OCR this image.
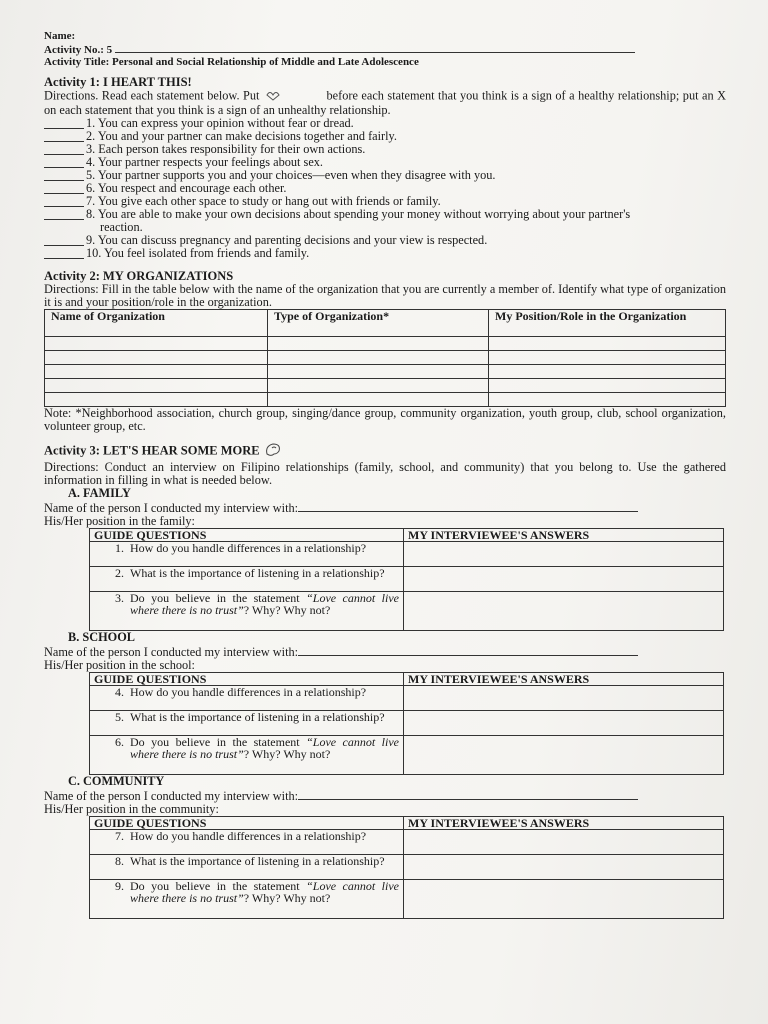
Name:
Activity No.: 5
Activity Title: Personal and Social Relationship of Middle and Late Adolescence
Activity 1: I HEART THIS!
Directions. Read each statement below. Put	before each statement that you think is a sign of a healthy relationship; put an X on each statement that you think is a sign of an unhealthy relationship.
1. You can express your opinion without fear or dread.
2. You and your partner can make decisions together and fairly.
3. Each person takes responsibility for their own actions.
4. Your partner respects your feelings about sex.
5. Your partner supports you and your choices—even when they disagree with you.
6. You respect and encourage each other.
7. You give each other space to study or hang out with friends or family.
8. You are able to make your own decisions about spending your money without worrying about your partner's
reaction.
9. You can discuss pregnancy and parenting decisions and your view is respected.
10. You feel isolated from friends and family.
Activity 2: MY ORGANIZATIONS
Directions: Fill in the table below with the name of the organization that you are currently a member of. Identify what type of organization it is and your position/role in the organization.
Name of Organization	Type of Organization*	My Position/Role in the Organization

Note: *Neighborhood association, church group, singing/dance group, community organization, youth group, club, school organization, volunteer group, etc.
Activity 3: LET'S HEAR SOME MORE
Directions: Conduct an interview on Filipino relationships (family, school, and community) that you belong to. Use the gathered information in filling in what is needed below.
A. FAMILY
Name of the person I conducted my interview with:
His/Her position in the family:
GUIDE QUESTIONS	MY INTERVIEWEE'S ANSWERS

1. How do you handle differences in a relationship?	

2. What is the importance of listening in a relationship?	

3. Do you believe in the statement “Love cannot live where there is no trust”? Why? Why not?	

B. SCHOOL
Name of the person I conducted my interview with:
His/Her position in the school:
GUIDE QUESTIONS	MY INTERVIEWEE'S ANSWERS

4. How do you handle differences in a relationship?	

5. What is the importance of listening in a relationship?	

6. Do you believe in the statement “Love cannot live where there is no trust”? Why? Why not?	

C. COMMUNITY
Name of the person I conducted my interview with:
His/Her position in the community:
GUIDE QUESTIONS	MY INTERVIEWEE'S ANSWERS

7. How do you handle differences in a relationship?	

8. What is the importance of listening in a relationship?	

9. Do you believe in the statement “Love cannot live where there is no trust”? Why? Why not?	
